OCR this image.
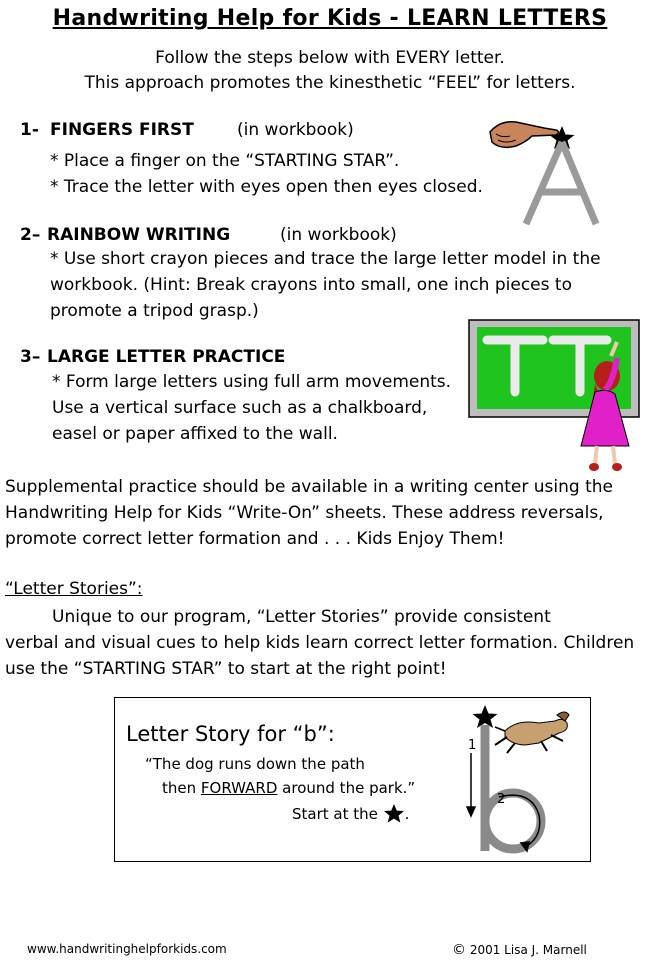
Handwriting Help for Kids - LEARN LETTERS
Follow the steps below with EVERY letter.
This approach promotes the kinesthetic “FEEL” for letters.
1- FINGERS FIRST	(in workbook)
* Place a finger on the “STARTING STAR”.
* Trace the letter with eyes open then eyes closed.
2– RAINBOW WRITING	(in workbook)
* Use short crayon pieces and trace the large letter model in the
workbook. (Hint: Break crayons into small, one inch pieces to
promote a tripod grasp.)
3– LARGE LETTER PRACTICE
* Form large letters using full arm movements.
Use a vertical surface such as a chalkboard,
easel or paper affixed to the wall.
Supplemental practice should be available in a writing center using the
Handwriting Help for Kids “Write-On” sheets. These address reversals,
promote correct letter formation and . . . Kids Enjoy Them!
“Letter Stories”:
Unique to our program, “Letter Stories” provide consistent
verbal and visual cues to help kids learn correct letter formation. Children
use the “STARTING STAR” to start at the right point!
Letter Story for “b”:
“The dog runs down the path
then FORWARD around the park.”
Start at the .
1
2
www.handwritinghelpforkids.com	© 2001 Lisa J. Marnell
